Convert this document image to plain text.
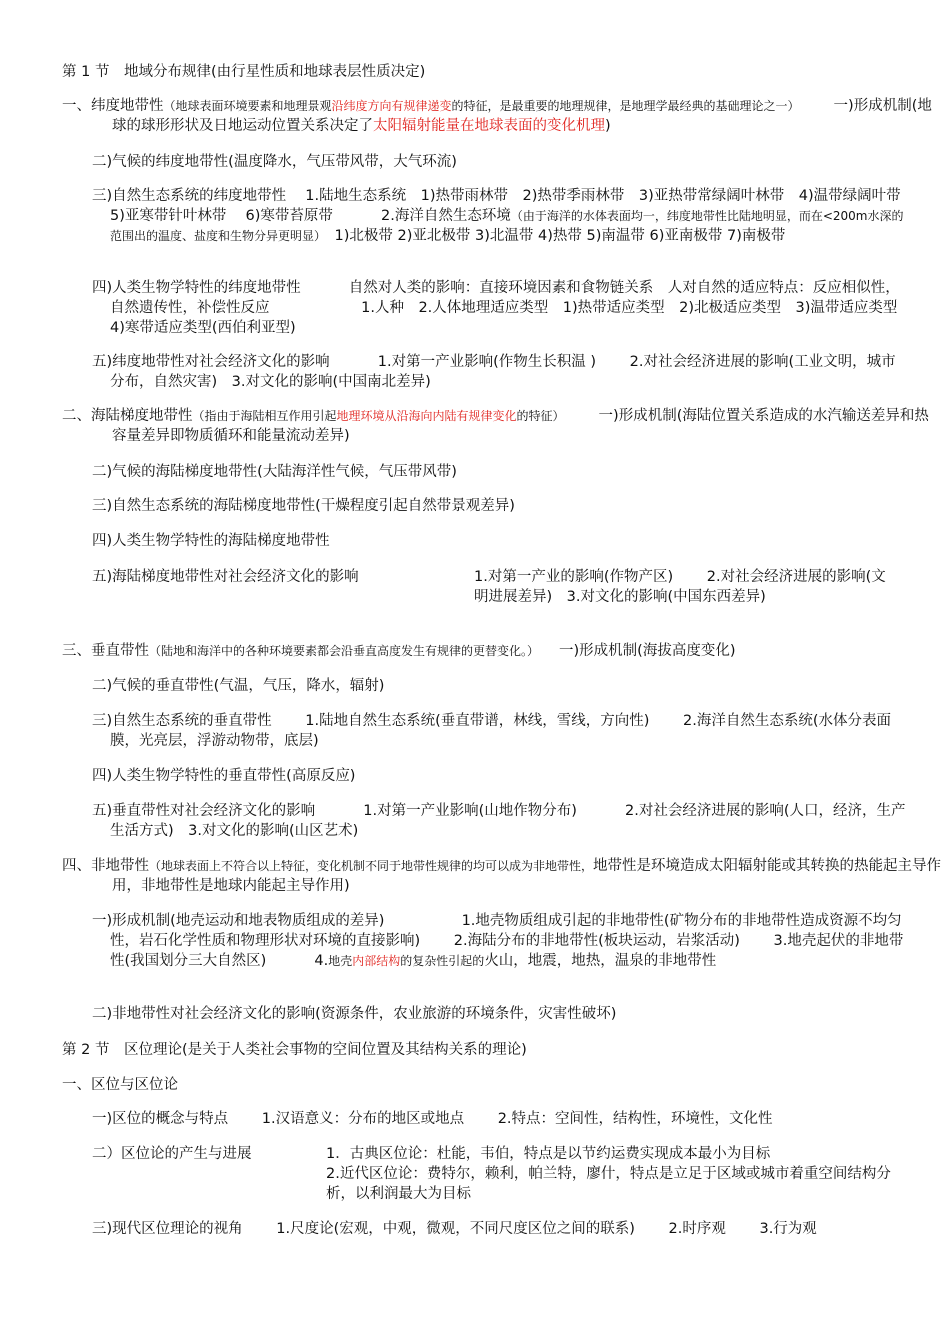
第 1 节　地域分布规律(由行星性质和地球表层性质决定)
一、纬度地带性（地球表面环境要素和地理景观沿纬度方向有规律递变的特征，是最重要的地理规律，是地理学最经典的基础理论之一） 一)形成机制(地球的球形形状及日地运动位置关系决定了太阳辐射能量在地球表面的变化机理)
二)气候的纬度地带性(温度降水，气压带风带，大气环流)
三)自然生态系统的纬度地带性　 1.陆地生态系统　1)热带雨林带　2)热带季雨林带　3)亚热带常绿阔叶林带　4)温带绿阔叶带　5)亚寒带针叶林带　 6)寒带苔原带　　　 2.海洋自然生态环境（由于海洋的水体表面均一，纬度地带性比陆地明显，而在<200m水深的范围出的温度、盐度和生物分异更明显）　 1)北极带 2)亚北极带 3)北温带 4)热带 5)南温带 6)亚南极带 7)南极带
四)人类生物学特性的纬度地带性　　　 自然对人类的影响：直接环境因素和食物链关系　人对自然的适应特点：反应相似性，自然遗传性，补偿性反应　　　　　　 1.人种　2.人体地理适应类型　1)热带适应类型　2)北极适应类型　3)温带适应类型　4)寒带适应类型(西伯利亚型)
五)纬度地带性对社会经济文化的影响　　　 1.对第一产业影响(作物生长积温 )　　 2.对社会经济进展的影响(工业文明，城市分布，自然灾害)　3.对文化的影响(中国南北差异)
二、海陆梯度地带性（指由于海陆相互作用引起地理环境从沿海向内陆有规律变化的特征） 一)形成机制(海陆位置关系造成的水汽输送差异和热容量差异即物质循环和能量流动差异)
二)气候的海陆梯度地带性(大陆海洋性气候，气压带风带)
三)自然生态系统的海陆梯度地带性(干燥程度引起自然带景观差异)
四)人类生物学特性的海陆梯度地带性
五)海陆梯度地带性对社会经济文化的影响	1.对第一产业的影响(作物产区)　　 2.对社会经济进展的影响(文明进展差异)　3.对文化的影响(中国东西差异)
三、垂直带性（陆地和海洋中的各种环境要素都会沿垂直高度发生有规律的更替变化。） 一)形成机制(海拔高度变化)
二)气候的垂直带性(气温，气压，降水，辐射)
三)自然生态系统的垂直带性　　 1.陆地自然生态系统(垂直带谱，林线，雪线，方向性)　　 2.海洋自然生态系统(水体分表面膜，光亮层，浮游动物带，底层)
四)人类生物学特性的垂直带性(高原反应)
五)垂直带性对社会经济文化的影响　　　 1.对第一产业影响(山地作物分布)　　　 2.对社会经济进展的影响(人口，经济，生产生活方式)　3.对文化的影响(山区艺术)
四、非地带性（地球表面上不符合以上特征，变化机制不同于地带性规律的均可以成为非地带性，地带性是环境造成太阳辐射能或其转换的热能起主导作用，非地带性是地球内能起主导作用)
一)形成机制(地壳运动和地表物质组成的差异)　　　　　 1.地壳物质组成引起的非地带性(矿物分布的非地带性造成资源不均匀性，岩石化学性质和物理形状对环境的直接影响)　　 2.海陆分布的非地带性(板块运动，岩浆活动)　　 3.地壳起伏的非地带性(我国划分三大自然区)　　　 4.地壳内部结构的复杂性引起的火山，地震，地热，温泉的非地带性
二)非地带性对社会经济文化的影响(资源条件，农业旅游的环境条件，灾害性破坏)
第 2 节　区位理论(是关于人类社会事物的空间位置及其结构关系的理论)
一、区位与区位论
一)区位的概念与特点　　 1.汉语意义：分布的地区或地点　　 2.特点：空间性，结构性，环境性，文化性
二）区位论的产生与进展	1．古典区位论：杜能，韦伯，特点是以节约运费实现成本最小为目标
2.近代区位论：费特尔，赖利，帕兰特，廖什，特点是立足于区域或城市着重空间结构分析，以利润最大为目标
三)现代区位理论的视角　　 1.尺度论(宏观，中观，微观，不同尺度区位之间的联系)　　 2.时序观　　 3.行为观
